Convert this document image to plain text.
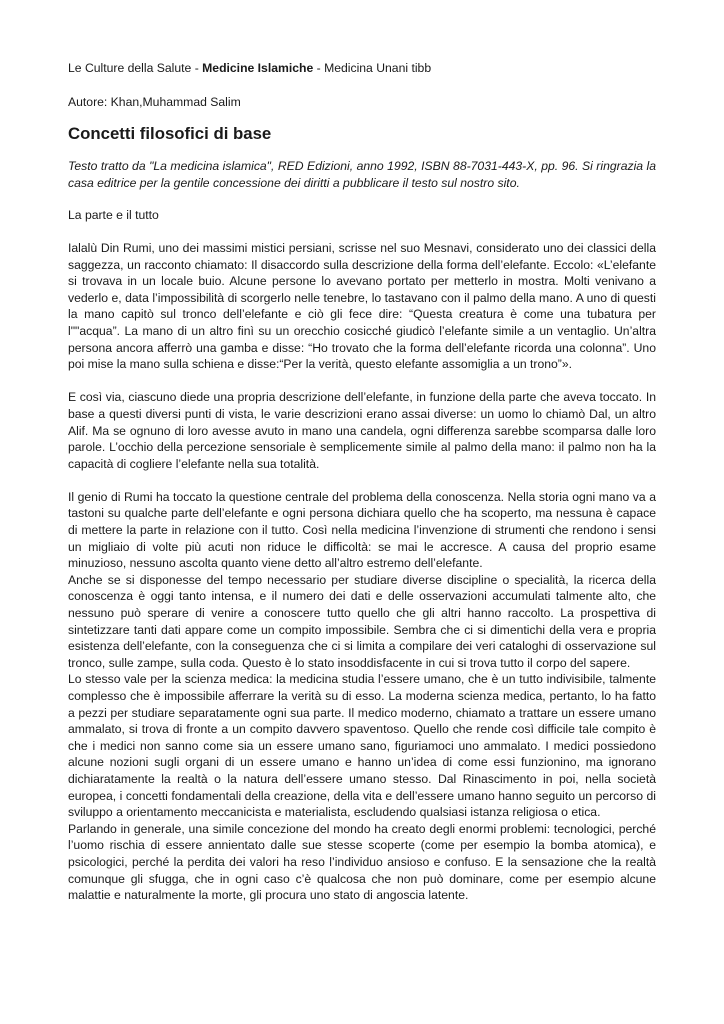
Le Culture della Salute - Medicine Islamiche - Medicina Unani tibb

Autore: Khan,Muhammad Salim

Concetti filosofici di base

Testo tratto da "La medicina islamica", RED Edizioni, anno 1992, ISBN 88-7031-443-X, pp. 96. Si ringrazia la casa editrice per la gentile concessione dei diritti a pubblicare il testo sul nostro sito.

La parte e il tutto

Ialalù Din Rumi, uno dei massimi mistici persiani, scrisse nel suo Mesnavi, considerato uno dei classici della saggezza, un racconto chiamato: Il disaccordo sulla descrizione della forma dell’elefante. Eccolo: «L’elefante si trovava in un locale buio. Alcune persone lo avevano portato per metterlo in mostra. Molti venivano a vederlo e, data l’impossibilità di scorgerlo nelle tenebre, lo tastavano con il palmo della mano. A uno di questi la mano capitò sul tronco dell’elefante e ciò gli fece dire: “Questa creatura è come una tubatura per l""acqua”. La mano di un altro finì su un orecchio cosicché giudicò l’elefante simile a un ventaglio. Un’altra persona ancora afferrò una gamba e disse: “Ho trovato che la forma dell’elefante ricorda una colonna”. Uno poi mise la mano sulla schiena e disse:“Per la verità, questo elefante assomiglia a un trono”».

E così via, ciascuno diede una propria descrizione dell’elefante, in funzione della parte che aveva toccato. In base a questi diversi punti di vista, le varie descrizioni erano assai diverse: un uomo lo chiamò Dal, un altro Alif. Ma se ognuno di loro avesse avuto in mano una candela, ogni differenza sarebbe scomparsa dalle loro parole. L’occhio della percezione sensoriale è semplicemente simile al palmo della mano: il palmo non ha la capacità di cogliere l’elefante nella sua totalità.

Il genio di Rumi ha toccato la questione centrale del problema della conoscenza. Nella storia ogni mano va a tastoni su qualche parte dell’elefante e ogni persona dichiara quello che ha scoperto, ma nessuna è capace di mettere la parte in relazione con il tutto. Così nella medicina l’invenzione di strumenti che rendono i sensi un migliaio di volte più acuti non riduce le difficoltà: se mai le accresce. A causa del proprio esame minuzioso, nessuno ascolta quanto viene detto all’altro estremo dell’elefante.

Anche se si disponesse del tempo necessario per studiare diverse discipline o specialità, la ricerca della conoscenza è oggi tanto intensa, e il numero dei dati e delle osservazioni accumulati talmente alto, che nessuno può sperare di venire a conoscere tutto quello che gli altri hanno raccolto. La prospettiva di sintetizzare tanti dati appare come un compito impossibile. Sembra che ci si dimentichi della vera e propria esistenza dell’elefante, con la conseguenza che ci si limita a compilare dei veri cataloghi di osservazione sul tronco, sulle zampe, sulla coda. Questo è lo stato insoddisfacente in cui si trova tutto il corpo del sapere.

Lo stesso vale per la scienza medica: la medicina studia l’essere umano, che è un tutto indivisibile, talmente complesso che è impossibile afferrare la verità su di esso. La moderna scienza medica, pertanto, lo ha fatto a pezzi per studiare separatamente ogni sua parte. Il medico moderno, chiamato a trattare un essere umano ammalato, si trova di fronte a un compito davvero spaventoso. Quello che rende così difficile tale compito è che i medici non sanno come sia un essere umano sano, figuriamoci uno ammalato. I medici possiedono alcune nozioni sugli organi di un essere umano e hanno un’idea di come essi funzionino, ma ignorano dichiaratamente la realtà o la natura dell’essere umano stesso. Dal Rinascimento in poi, nella società europea, i concetti fondamentali della creazione, della vita e dell’essere umano hanno seguito un percorso di sviluppo a orientamento meccanicista e materialista, escludendo qualsiasi istanza religiosa o etica.

Parlando in generale, una simile concezione del mondo ha creato degli enormi problemi: tecnologici, perché l’uomo rischia di essere annientato dalle sue stesse scoperte (come per esempio la bomba atomica), e psicologici, perché la perdita dei valori ha reso l’individuo ansioso e confuso. E la sensazione che la realtà comunque gli sfugga, che in ogni caso c’è qualcosa che non può dominare, come per esempio alcune malattie e naturalmente la morte, gli procura uno stato di angoscia latente.
